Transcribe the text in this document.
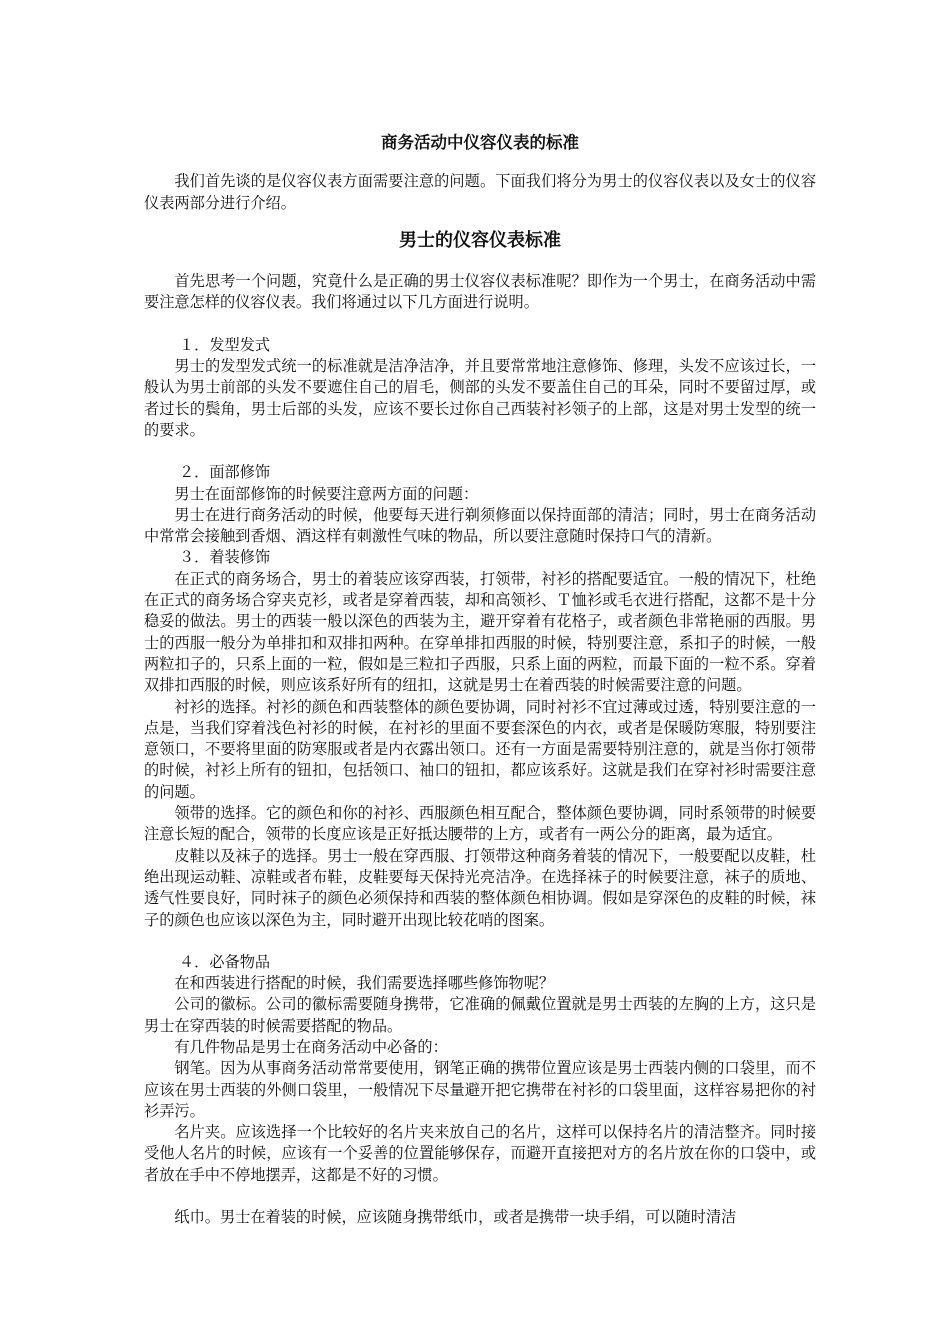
商务活动中仪容仪表的标准

我们首先谈的是仪容仪表方面需要注意的问题。下面我们将分为男士的仪容仪表以及女士的仪容仪表两部分进行介绍。

男士的仪容仪表标准

首先思考一个问题，究竟什么是正确的男士仪容仪表标准呢？即作为一个男士，在商务活动中需要注意怎样的仪容仪表。我们将通过以下几方面进行说明。

１．发型发式

男士的发型发式统一的标准就是洁净洁净，并且要常常地注意修饰、修理，头发不应该过长，一般认为男士前部的头发不要遮住自己的眉毛，侧部的头发不要盖住自己的耳朵，同时不要留过厚，或者过长的鬓角，男士后部的头发，应该不要长过你自己西装衬衫领子的上部，这是对男士发型的统一的要求。

２．面部修饰

男士在面部修饰的时候要注意两方面的问题：

男士在进行商务活动的时候，他要每天进行剃须修面以保持面部的清洁；同时，男士在商务活动中常常会接触到香烟、酒这样有刺激性气味的物品，所以要注意随时保持口气的清新。

３．着装修饰

在正式的商务场合，男士的着装应该穿西装，打领带，衬衫的搭配要适宜。一般的情况下，杜绝在正式的商务场合穿夹克衫，或者是穿着西装，却和高领衫、Ｔ恤衫或毛衣进行搭配，这都不是十分稳妥的做法。男士的西装一般以深色的西装为主，避开穿着有花格子，或者颜色非常艳丽的西服。男士的西服一般分为单排扣和双排扣两种。在穿单排扣西服的时候，特别要注意，系扣子的时候，一般两粒扣子的，只系上面的一粒，假如是三粒扣子西服，只系上面的两粒，而最下面的一粒不系。穿着双排扣西服的时候，则应该系好所有的纽扣，这就是男士在着西装的时候需要注意的问题。

衬衫的选择。衬衫的颜色和西装整体的颜色要协调，同时衬衫不宜过薄或过透，特别要注意的一点是，当我们穿着浅色衬衫的时候，在衬衫的里面不要套深色的内衣，或者是保暖防寒服，特别要注意领口，不要将里面的防寒服或者是内衣露出领口。还有一方面是需要特别注意的，就是当你打领带的时候，衬衫上所有的钮扣，包括领口、袖口的钮扣，都应该系好。这就是我们在穿衬衫时需要注意的问题。

领带的选择。它的颜色和你的衬衫、西服颜色相互配合，整体颜色要协调，同时系领带的时候要注意长短的配合，领带的长度应该是正好抵达腰带的上方，或者有一两公分的距离，最为适宜。

皮鞋以及袜子的选择。男士一般在穿西服、打领带这种商务着装的情况下，一般要配以皮鞋，杜绝出现运动鞋、凉鞋或者布鞋，皮鞋要每天保持光亮洁净。在选择袜子的时候要注意，袜子的质地、透气性要良好，同时袜子的颜色必须保持和西装的整体颜色相协调。假如是穿深色的皮鞋的时候，袜子的颜色也应该以深色为主，同时避开出现比较花哨的图案。

４．必备物品

在和西装进行搭配的时候，我们需要选择哪些修饰物呢？

公司的徽标。公司的徽标需要随身携带，它准确的佩戴位置就是男士西装的左胸的上方，这只是男士在穿西装的时候需要搭配的物品。

有几件物品是男士在商务活动中必备的：

钢笔。因为从事商务活动常常要使用，钢笔正确的携带位置应该是男士西装内侧的口袋里，而不应该在男士西装的外侧口袋里，一般情况下尽量避开把它携带在衬衫的口袋里面，这样容易把你的衬衫弄污。

名片夹。应该选择一个比较好的名片夹来放自己的名片，这样可以保持名片的清洁整齐。同时接受他人名片的时候，应该有一个妥善的位置能够保存，而避开直接把对方的名片放在你的口袋中，或者放在手中不停地摆弄，这都是不好的习惯。

纸巾。男士在着装的时候，应该随身携带纸巾，或者是携带一块手绢，可以随时清洁
